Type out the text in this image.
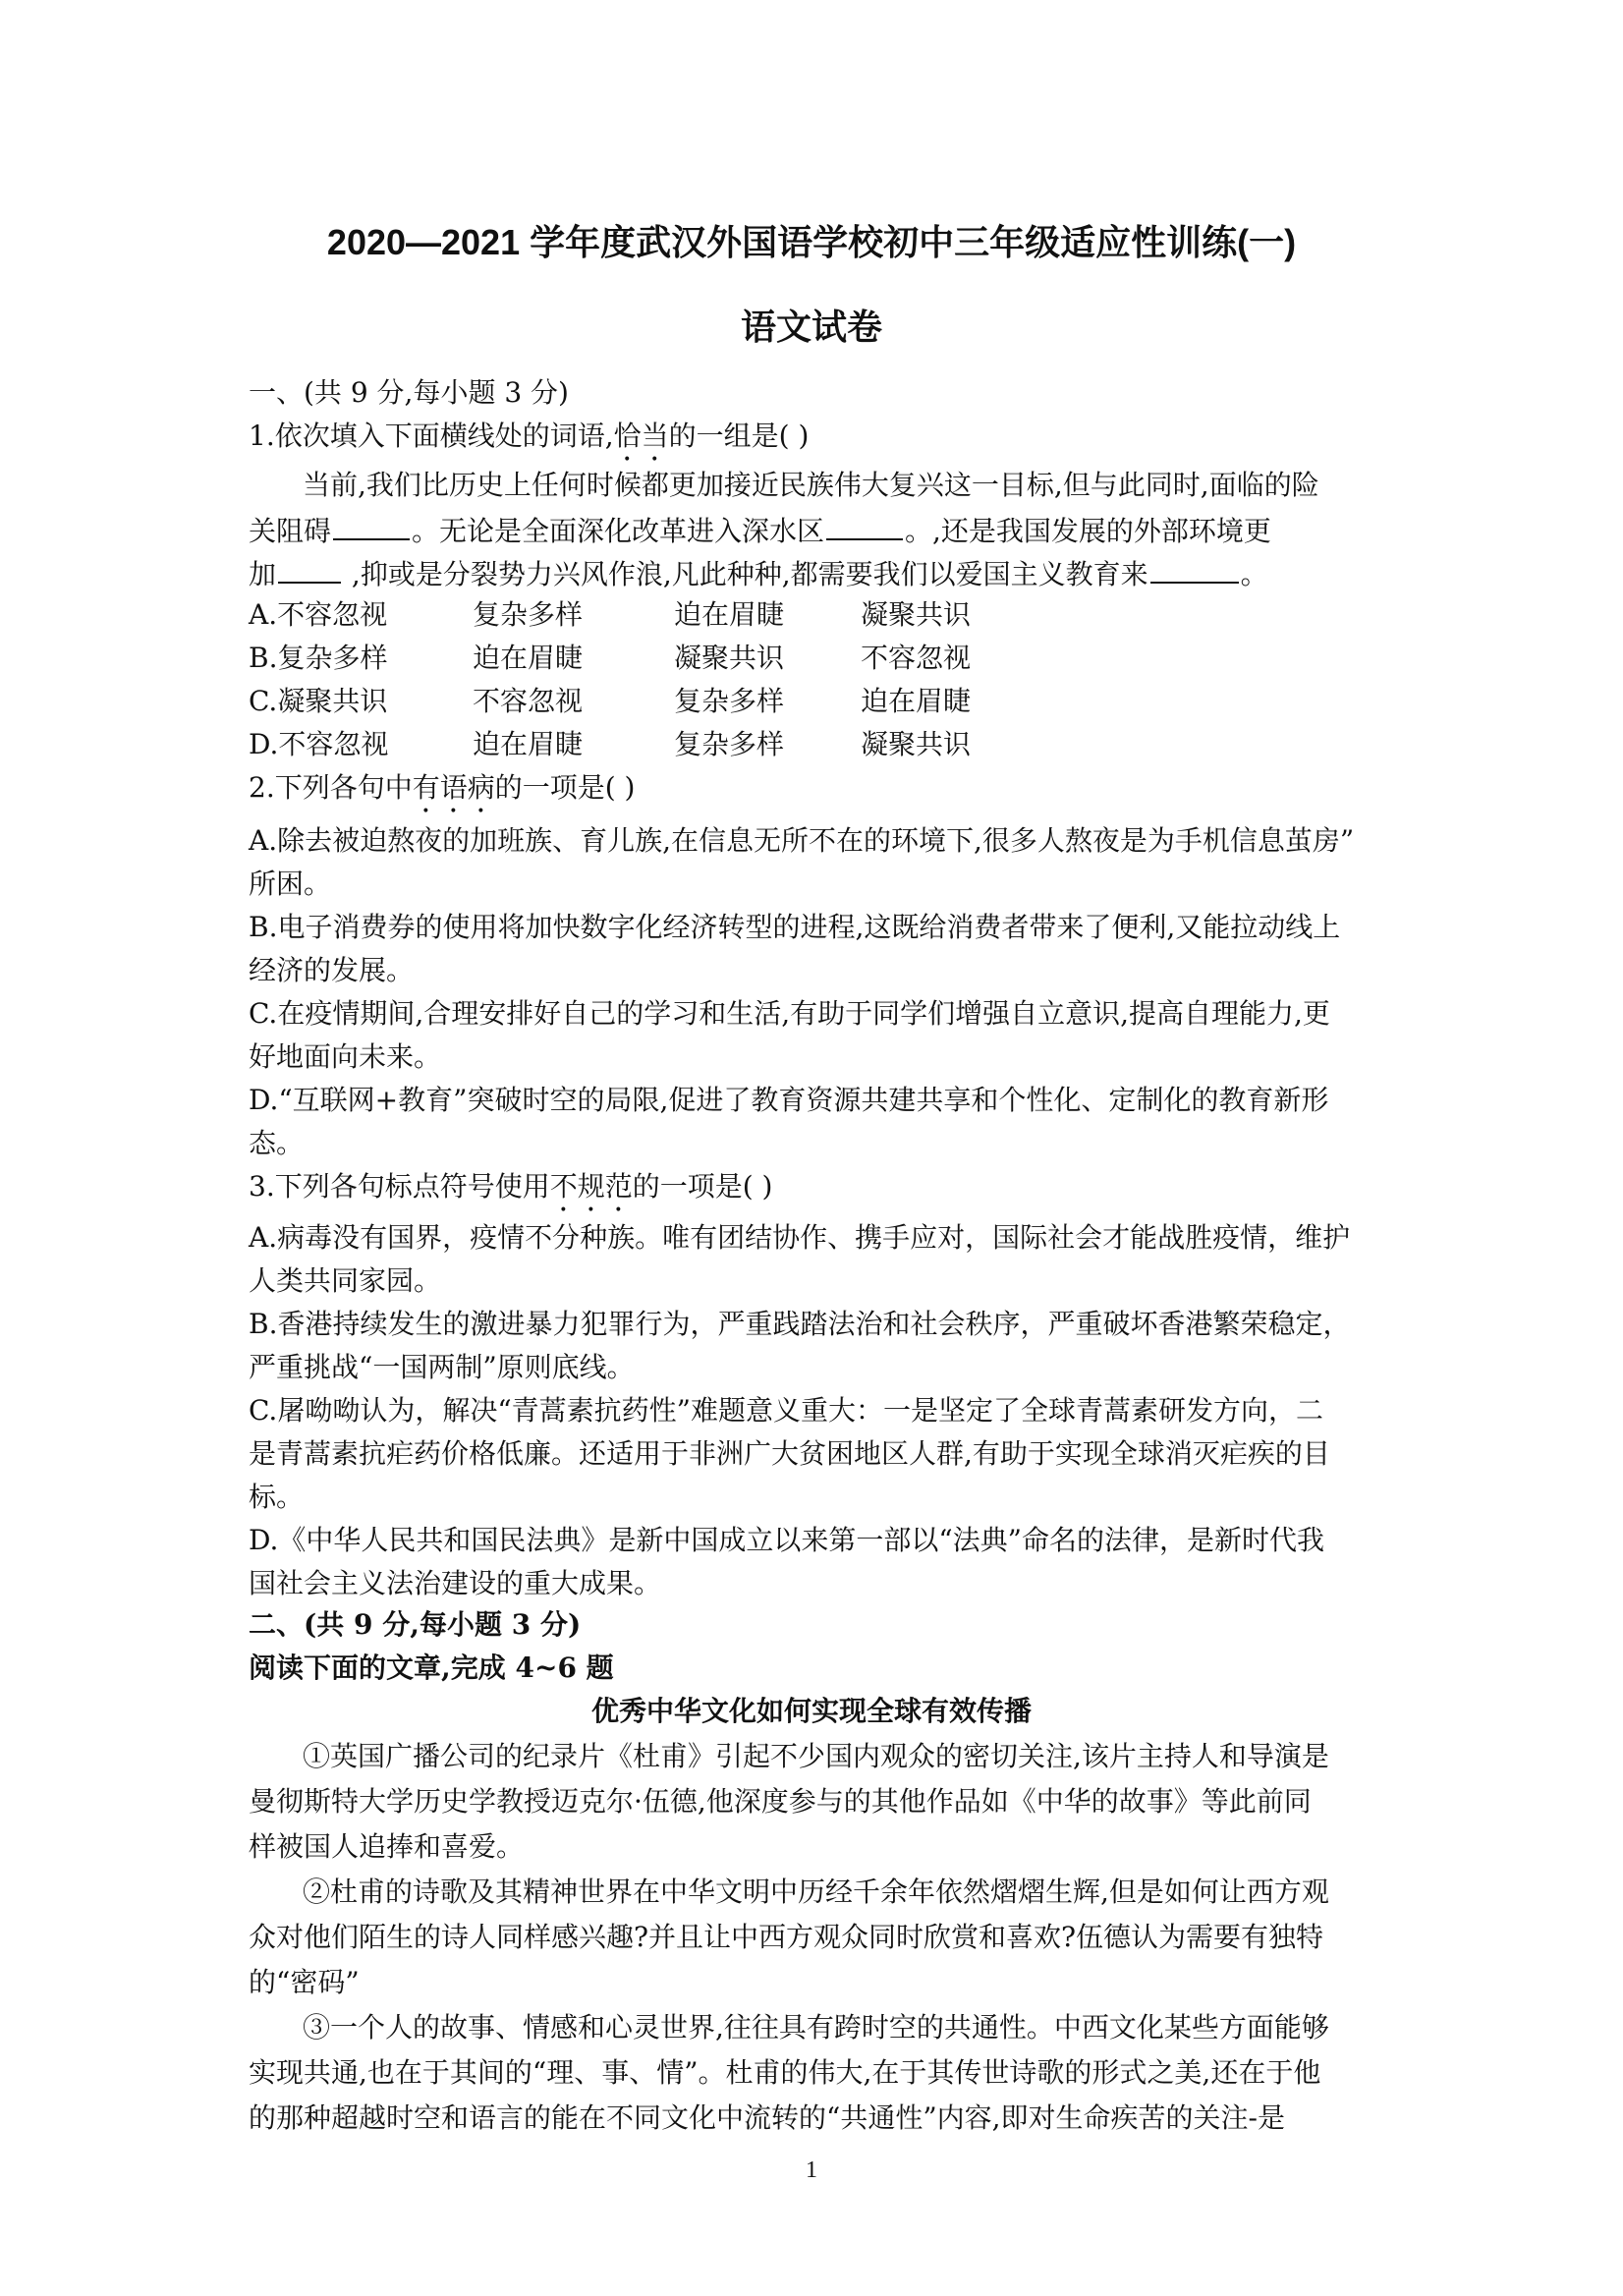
2020—2021 学年度武汉外国语学校初中三年级适应性训练(一)
语文试卷
一、(共 9 分,每小题 3 分)
1.依次填入下面横线处的词语,恰当的一组是( )
当前,我们比历史上任何时候都更加接近民族伟大复兴这一目标,但与此同时,面临的险
关阻碍	。无论是全面深化改革进入深水区	。,还是我国发展的外部环境更
加 ,抑或是分裂势力兴风作浪,凡此种种,都需要我们以爱国主义教育来	。
A.不容忽视	复杂多样	迫在眉睫	凝聚共识
B.复杂多样	迫在眉睫	凝聚共识	不容忽视
C.凝聚共识	不容忽视	复杂多样	迫在眉睫
D.不容忽视	迫在眉睫	复杂多样	凝聚共识
2.下列各句中有语病的一项是( )
A.除去被迫熬夜的加班族、育儿族,在信息无所不在的环境下,很多人熬夜是为手机信息茧房”
所困。
B.电子消费券的使用将加快数字化经济转型的进程,这既给消费者带来了便利,又能拉动线上
经济的发展。
C.在疫情期间,合理安排好自己的学习和生活,有助于同学们增强自立意识,提高自理能力,更
好地面向未来。
D.“互联网+教育”突破时空的局限,促进了教育资源共建共享和个性化、定制化的教育新形
态。
3.下列各句标点符号使用不规范的一项是( )
A.病毒没有国界，疫情不分种族。唯有团结协作、携手应对，国际社会才能战胜疫情，维护
人类共同家园。
B.香港持续发生的激进暴力犯罪行为，严重践踏法治和社会秩序，严重破坏香港繁荣稳定，
严重挑战“一国两制”原则底线。
C.屠呦呦认为，解决“青蒿素抗药性”难题意义重大：一是坚定了全球青蒿素研发方向，二
是青蒿素抗疟药价格低廉。还适用于非洲广大贫困地区人群,有助于实现全球消灭疟疾的目
标。
D.《中华人民共和国民法典》是新中国成立以来第一部以“法典”命名的法律，是新时代我
国社会主义法治建设的重大成果。
二、(共 9 分,每小题 3 分)
阅读下面的文章,完成 4~6 题
优秀中华文化如何实现全球有效传播
①英国广播公司的纪录片《杜甫》引起不少国内观众的密切关注,该片主持人和导演是
曼彻斯特大学历史学教授迈克尔·伍德,他深度参与的其他作品如《中华的故事》等此前同
样被国人追捧和喜爱。
②杜甫的诗歌及其精神世界在中华文明中历经千余年依然熠熠生辉,但是如何让西方观
众对他们陌生的诗人同样感兴趣?并且让中西方观众同时欣赏和喜欢?伍德认为需要有独特
的“密码”
③一个人的故事、情感和心灵世界,往往具有跨时空的共通性。中西文化某些方面能够
实现共通,也在于其间的“理、事、情”。杜甫的伟大,在于其传世诗歌的形式之美,还在于他
的那种超越时空和语言的能在不同文化中流转的“共通性”内容,即对生命疾苦的关注-是
1
